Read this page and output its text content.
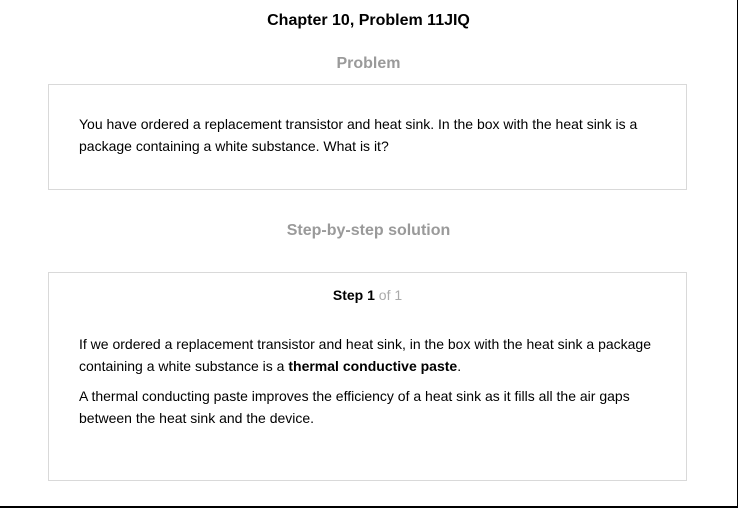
Chapter 10, Problem 11JIQ
Problem

You have ordered a replacement transistor and heat sink. In the box with the heat sink is a package containing a white substance. What is it?

Step-by-step solution
Step 1 of 1

If we ordered a replacement transistor and heat sink, in the box with the heat sink a package containing a white substance is a thermal conductive paste.

A thermal conducting paste improves the efficiency of a heat sink as it fills all the air gaps between the heat sink and the device.
